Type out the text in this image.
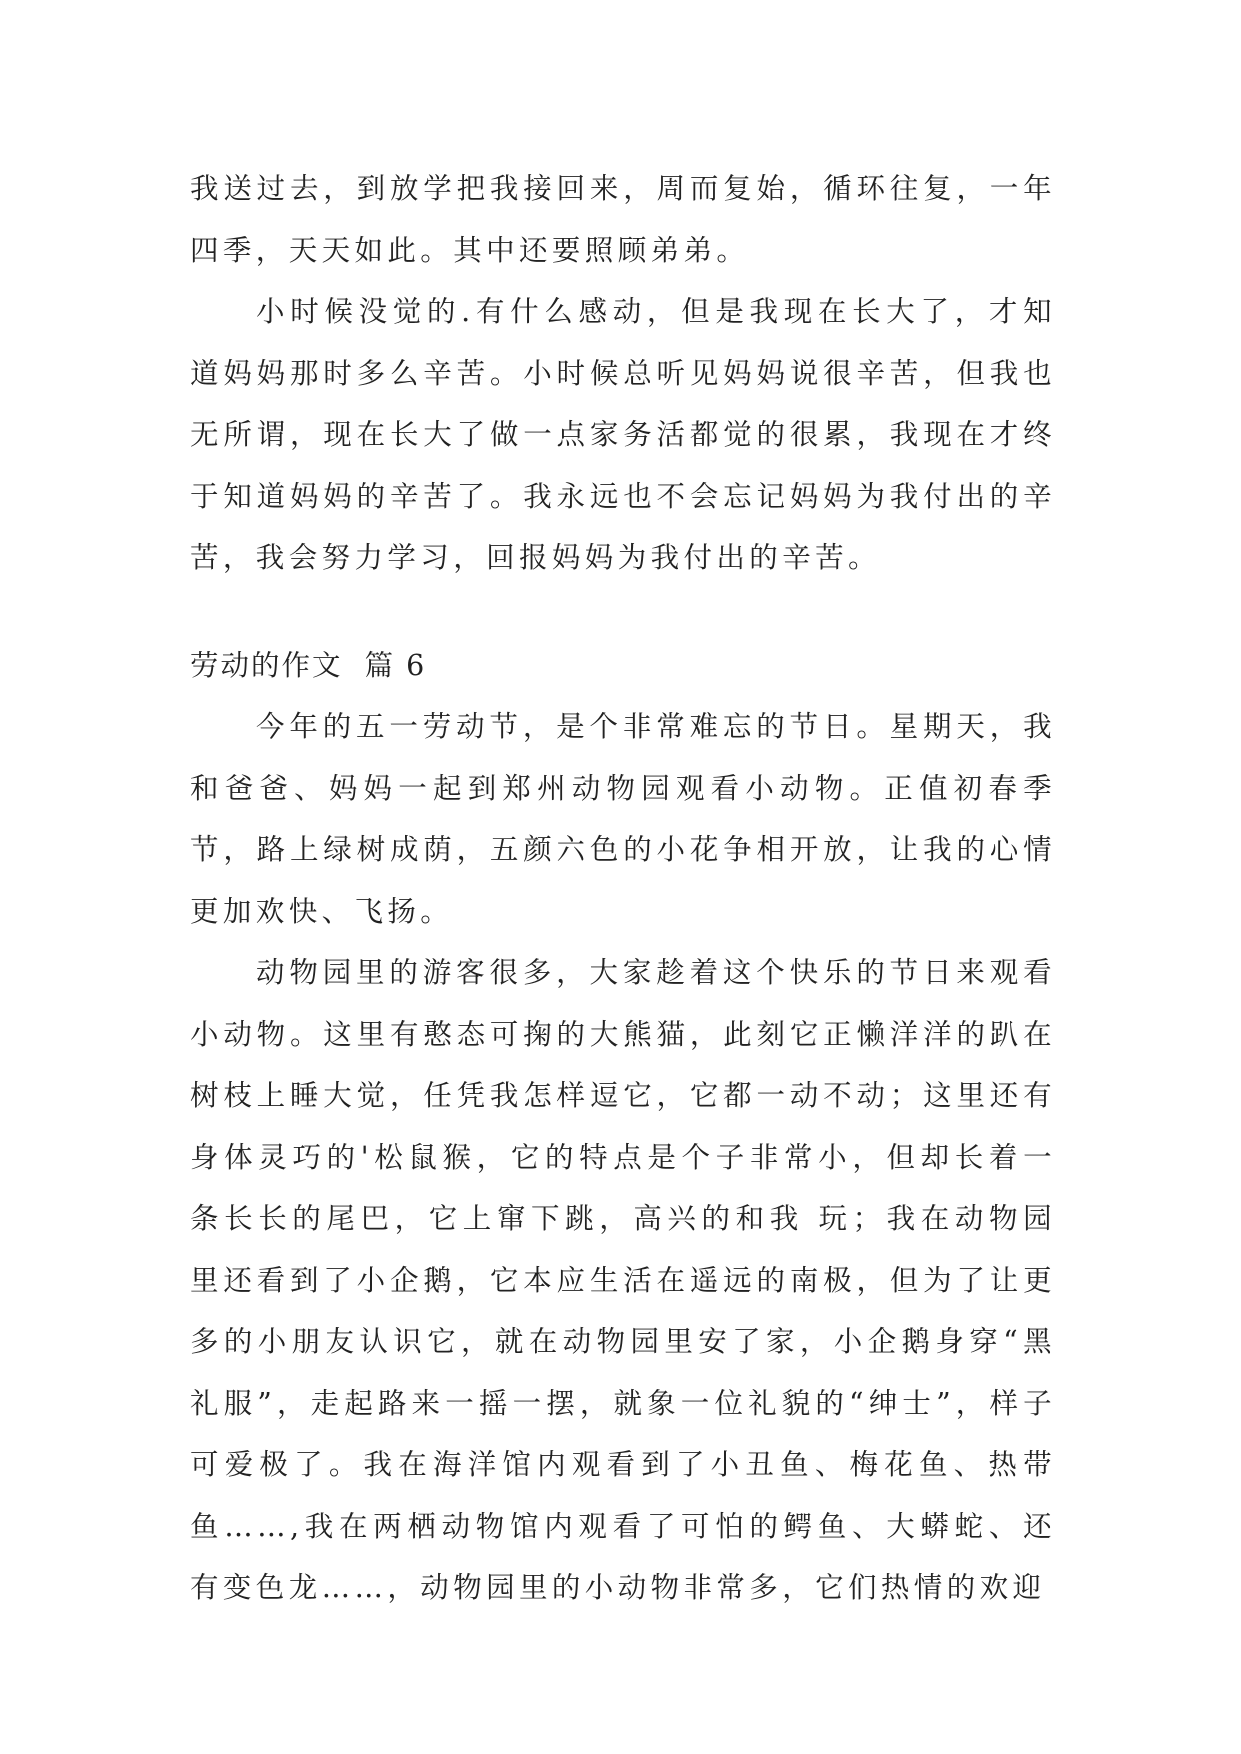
我送过去，到放学把我接回来，周而复始，循环往复，一年四季，天天如此。其中还要照顾弟弟。

小时候没觉的.有什么感动，但是我现在长大了，才知道妈妈那时多么辛苦。小时候总听见妈妈说很辛苦，但我也无所谓，现在长大了做一点家务活都觉的很累，我现在才终于知道妈妈的辛苦了。我永远也不会忘记妈妈为我付出的辛苦，我会努力学习，回报妈妈为我付出的辛苦。

劳动的作文  篇 6

今年的五一劳动节，是个非常难忘的节日。星期天，我和爸爸、妈妈一起到郑州动物园观看小动物。正值初春季节，路上绿树成荫，五颜六色的小花争相开放，让我的心情更加欢快、飞扬。

动物园里的游客很多，大家趁着这个快乐的节日来观看小动物。这里有憨态可掬的大熊猫，此刻它正懒洋洋的趴在树枝上睡大觉，任凭我怎样逗它，它都一动不动；这里还有身体灵巧的'松鼠猴，它的特点是个子非常小，但却长着一条长长的尾巴，它上窜下跳，高兴的和我 玩；我在动物园里还看到了小企鹅，它本应生活在遥远的南极，但为了让更多的小朋友认识它，就在动物园里安了家，小企鹅身穿“黑礼服”，走起路来一摇一摆，就象一位礼貌的“绅士”，样子可爱极了。我在海洋馆内观看到了小丑鱼、梅花鱼、热带鱼……,我在两栖动物馆内观看了可怕的鳄鱼、大蟒蛇、还有变色龙……，动物园里的小动物非常多，它们热情的欢迎
